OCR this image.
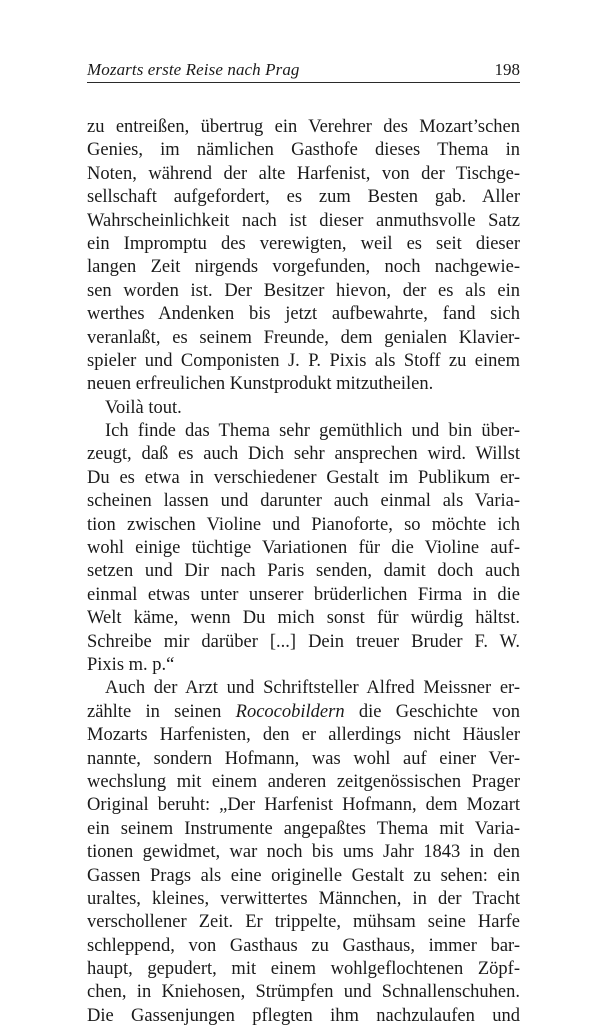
Mozarts erste Reise nach Prag	198
zu entreißen, übertrug ein Verehrer des Mozart’schen
Genies, im nämlichen Gasthofe dieses Thema in
Noten, während der alte Harfenist, von der Tischge-
sellschaft aufgefordert, es zum Besten gab. Aller
Wahrscheinlichkeit nach ist dieser anmuthsvolle Satz
ein Impromptu des verewigten, weil es seit dieser
langen Zeit nirgends vorgefunden, noch nachgewie-
sen worden ist. Der Besitzer hievon, der es als ein
werthes Andenken bis jetzt aufbewahrte, fand sich
veranlaßt, es seinem Freunde, dem genialen Klavier-
spieler und Componisten J. P. Pixis als Stoff zu einem
neuen erfreulichen Kunstprodukt mitzutheilen.
Voilà tout.
Ich finde das Thema sehr gemüthlich und bin über-
zeugt, daß es auch Dich sehr ansprechen wird. Willst
Du es etwa in verschiedener Gestalt im Publikum er-
scheinen lassen und darunter auch einmal als Varia-
tion zwischen Violine und Pianoforte, so möchte ich
wohl einige tüchtige Variationen für die Violine auf-
setzen und Dir nach Paris senden, damit doch auch
einmal etwas unter unserer brüderlichen Firma in die
Welt käme, wenn Du mich sonst für würdig hältst.
Schreibe mir darüber [...] Dein treuer Bruder F. W.
Pixis m. p.“
Auch der Arzt und Schriftsteller Alfred Meissner er-
zählte in seinen Rococobildern die Geschichte von
Mozarts Harfenisten, den er allerdings nicht Häusler
nannte, sondern Hofmann, was wohl auf einer Ver-
wechslung mit einem anderen zeitgenössischen Prager
Original beruht: „Der Harfenist Hofmann, dem Mozart
ein seinem Instrumente angepaßtes Thema mit Varia-
tionen gewidmet, war noch bis ums Jahr 1843 in den
Gassen Prags als eine originelle Gestalt zu sehen: ein
uraltes, kleines, verwittertes Männchen, in der Tracht
verschollener Zeit. Er trippelte, mühsam seine Harfe
schleppend, von Gasthaus zu Gasthaus, immer bar-
haupt, gepudert, mit einem wohlgeflochtenen Zöpf-
chen, in Kniehosen, Strümpfen und Schnallenschuhen.
Die Gassenjungen pflegten ihm nachzulaufen und
